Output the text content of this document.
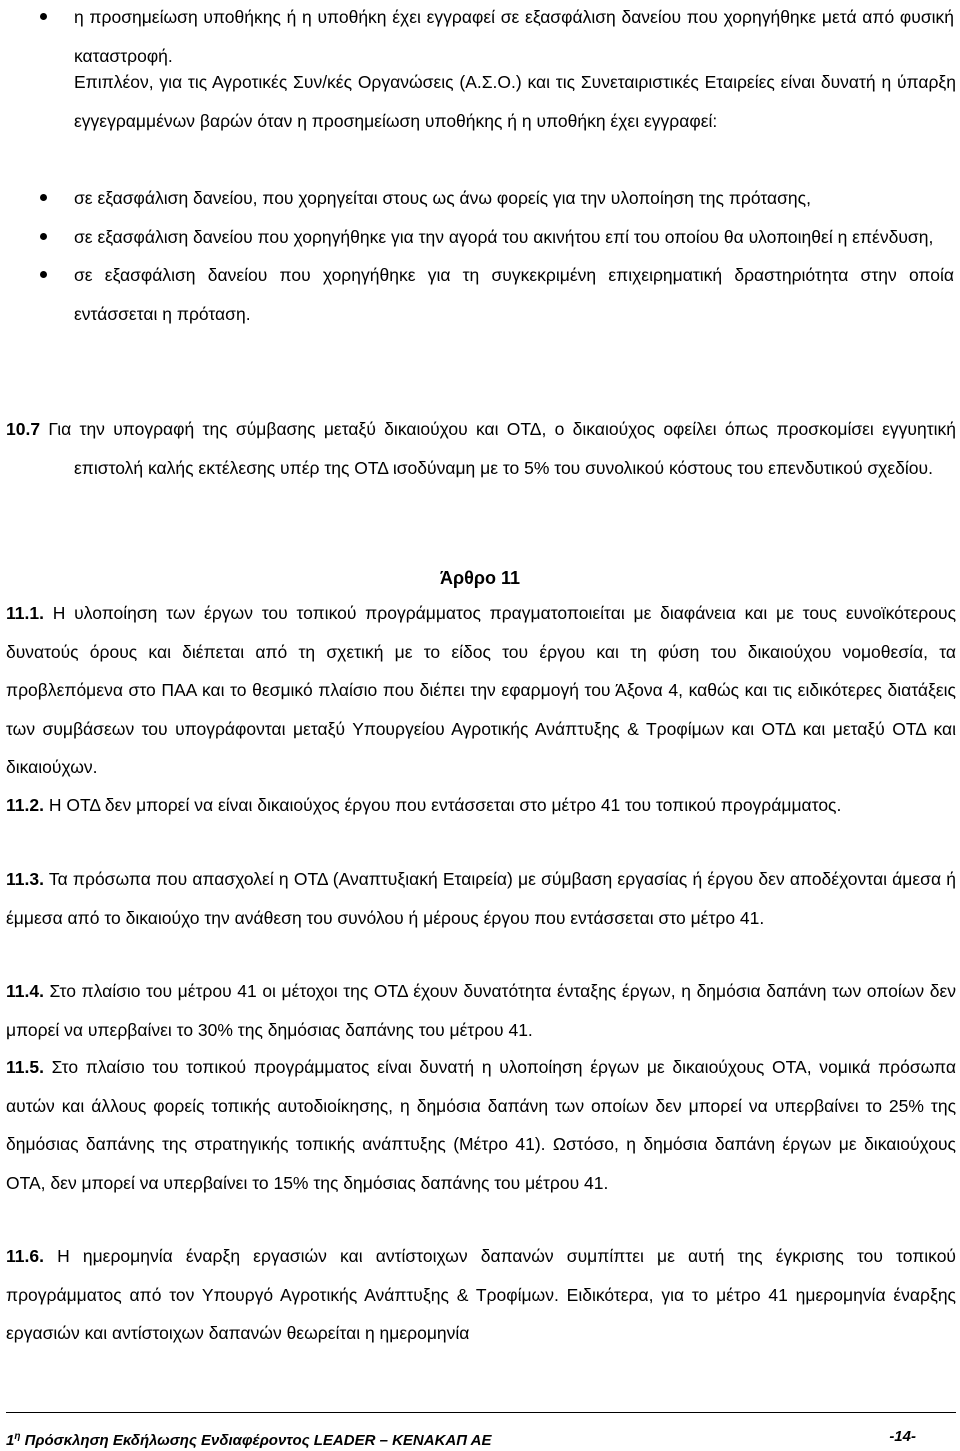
η προσημείωση υποθήκης ή η υποθήκη έχει εγγραφεί σε εξασφάλιση δανείου που χορηγήθηκε μετά από φυσική καταστροφή.

Επιπλέον, για τις Αγροτικές Συν/κές Οργανώσεις (Α.Σ.Ο.) και τις Συνεταιριστικές Εταιρείες είναι δυνατή η ύπαρξη εγγεγραμμένων βαρών όταν η προσημείωση υποθήκης ή η υποθήκη έχει εγγραφεί:

σε εξασφάλιση δανείου, που χορηγείται στους ως άνω φορείς για την υλοποίηση της πρότασης,
σε εξασφάλιση δανείου που χορηγήθηκε για την αγορά του ακινήτου επί του οποίου θα υλοποιηθεί η επένδυση,
σε εξασφάλιση δανείου που χορηγήθηκε για τη συγκεκριμένη επιχειρηματική δραστηριότητα στην οποία εντάσσεται η πρόταση.

10.7 Για την υπογραφή της σύμβασης μεταξύ δικαιούχου και ΟΤΔ, ο δικαιούχος οφείλει όπως προσκομίσει εγγυητική επιστολή καλής εκτέλεσης υπέρ της ΟΤΔ ισοδύναμη με το 5% του συνολικού κόστους του επενδυτικού σχεδίου.

Άρθρο 11

11.1. Η υλοποίηση των έργων του τοπικού προγράμματος πραγματοποιείται με διαφάνεια και με τους ευνοϊκότερους δυνατούς όρους και διέπεται από τη σχετική με το είδος του έργου και τη φύση του δικαιούχου νομοθεσία, τα προβλεπόμενα στο ΠΑΑ και το θεσμικό πλαίσιο που διέπει την εφαρμογή του Άξονα 4, καθώς και τις ειδικότερες διατάξεις των συμβάσεων του υπογράφονται μεταξύ Υπουργείου Αγροτικής Ανάπτυξης & Τροφίμων και ΟΤΔ και μεταξύ ΟΤΔ και δικαιούχων.

11.2. Η ΟΤΔ δεν μπορεί να είναι δικαιούχος έργου που εντάσσεται στο μέτρο 41 του τοπικού προγράμματος.

11.3. Τα πρόσωπα που απασχολεί η ΟΤΔ (Αναπτυξιακή Εταιρεία) με σύμβαση εργασίας ή έργου δεν αποδέχονται άμεσα ή έμμεσα από το δικαιούχο την ανάθεση του συνόλου ή μέρους έργου που εντάσσεται στο μέτρο 41.

11.4. Στο πλαίσιο του μέτρου 41 οι μέτοχοι της ΟΤΔ έχουν δυνατότητα ένταξης έργων, η δημόσια δαπάνη των οποίων δεν μπορεί να υπερβαίνει το 30% της δημόσιας δαπάνης του μέτρου 41.

11.5. Στο πλαίσιο του τοπικού προγράμματος είναι δυνατή η υλοποίηση έργων με δικαιούχους ΟΤΑ, νομικά πρόσωπα αυτών και άλλους φορείς τοπικής αυτοδιοίκησης, η δημόσια δαπάνη των οποίων δεν μπορεί να υπερβαίνει το 25% της δημόσιας δαπάνης της στρατηγικής τοπικής ανάπτυξης (Μέτρο 41). Ωστόσο, η δημόσια δαπάνη έργων με δικαιούχους ΟΤΑ, δεν μπορεί να υπερβαίνει το 15% της δημόσιας δαπάνης του μέτρου 41.

11.6. Η ημερομηνία έναρξη εργασιών και αντίστοιχων δαπανών συμπίπτει με αυτή της έγκρισης του τοπικού προγράμματος από τον Υπουργό Αγροτικής Ανάπτυξης & Τροφίμων. Ειδικότερα, για το μέτρο 41 ημερομηνία έναρξης εργασιών και αντίστοιχων δαπανών θεωρείται η ημερομηνία

$1^\eta$ Πρόσκληση Εκδήλωσης Ενδιαφέροντος LEADER – ΚΕΝΑΚΑΠ ΑΕ	-14-
